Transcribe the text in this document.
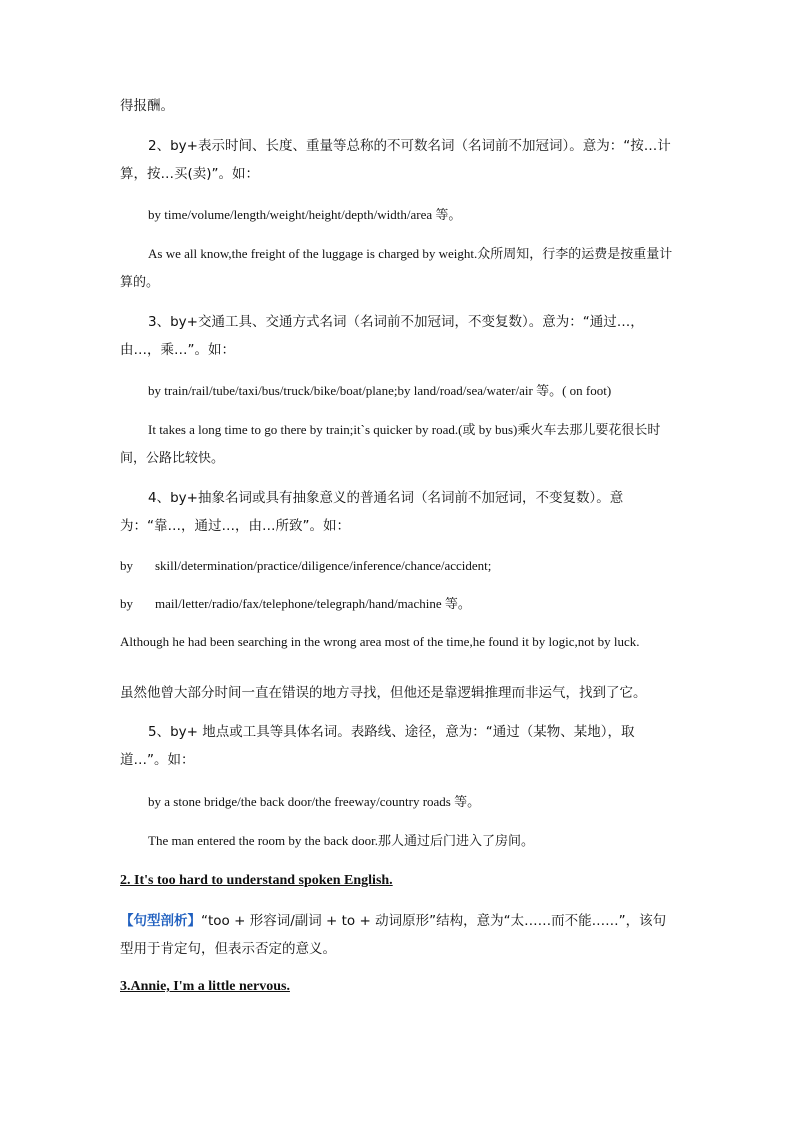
得报酬。

2、by+表示时间、长度、重量等总称的不可数名词（名词前不加冠词）。意为：“按…计算，按…买(卖)”。如：

by time/volume/length/weight/height/depth/width/area 等。

As we all know,the freight of the luggage is charged by weight.众所周知，行李的运费是按重量计算的。

3、by+交通工具、交通方式名词（名词前不加冠词，不变复数）。意为：“通过…，由…，乘…”。如：

by train/rail/tube/taxi/bus/truck/bike/boat/plane;by land/road/sea/water/air 等。( on foot)

It takes a long time to go there by train;it`s quicker by road.(或 by bus)乘火车去那儿要花很长时间，公路比较快。

4、by+抽象名词或具有抽象意义的普通名词（名词前不加冠词，不变复数）。意为：“靠…，通过…，由…所致”。如：

by skill/determination/practice/diligence/inference/chance/accident;

by mail/letter/radio/fax/telephone/telegraph/hand/machine 等。

Although he had been searching in the wrong area most of the time,he found it by logic,not by luck.

虽然他曾大部分时间一直在错误的地方寻找，但他还是靠逻辑推理而非运气，找到了它。

5、by+ 地点或工具等具体名词。表路线、途径，意为：“通过（某物、某地），取道…”。如：

by a stone bridge/the back door/the freeway/country roads 等。

The man entered the room by the back door.那人通过后门进入了房间。

2. It's too hard to understand spoken English.

【句型剖析】“too + 形容词/副词 + to + 动词原形”结构，意为“太……而不能……”，该句型用于肯定句，但表示否定的意义。

3.Annie, I'm a little nervous.
